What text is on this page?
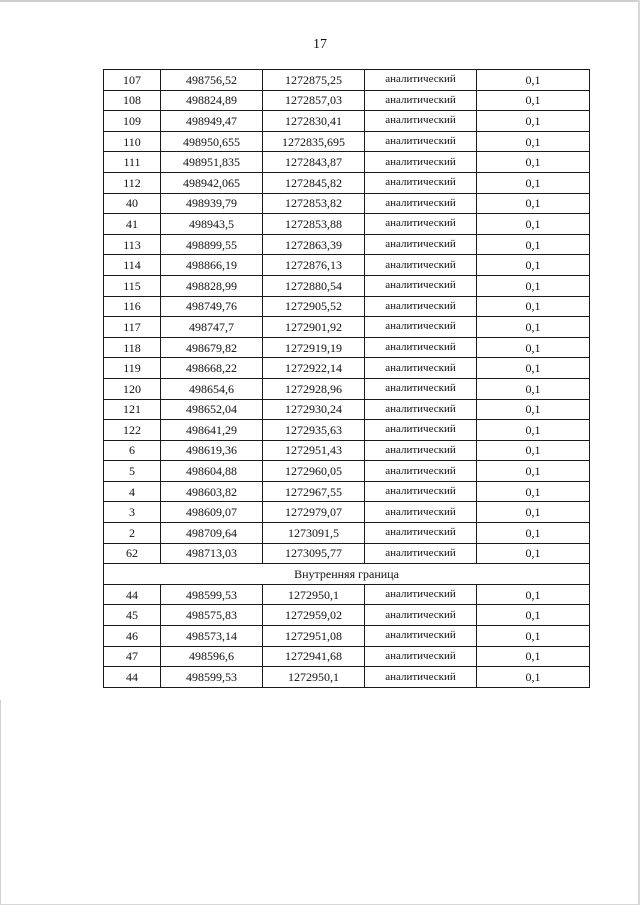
17
107	498756,52	1272875,25	аналитический	0,1
108	498824,89	1272857,03	аналитический	0,1
109	498949,47	1272830,41	аналитический	0,1
110	498950,655	1272835,695	аналитический	0,1
111	498951,835	1272843,87	аналитический	0,1
112	498942,065	1272845,82	аналитический	0,1
40	498939,79	1272853,82	аналитический	0,1
41	498943,5	1272853,88	аналитический	0,1
113	498899,55	1272863,39	аналитический	0,1
114	498866,19	1272876,13	аналитический	0,1
115	498828,99	1272880,54	аналитический	0,1
116	498749,76	1272905,52	аналитический	0,1
117	498747,7	1272901,92	аналитический	0,1
118	498679,82	1272919,19	аналитический	0,1
119	498668,22	1272922,14	аналитический	0,1
120	498654,6	1272928,96	аналитический	0,1
121	498652,04	1272930,24	аналитический	0,1
122	498641,29	1272935,63	аналитический	0,1
6	498619,36	1272951,43	аналитический	0,1
5	498604,88	1272960,05	аналитический	0,1
4	498603,82	1272967,55	аналитический	0,1
3	498609,07	1272979,07	аналитический	0,1
2	498709,64	1273091,5	аналитический	0,1
62	498713,03	1273095,77	аналитический	0,1
Внутренняя граница				
44	498599,53	1272950,1	аналитический	0,1
45	498575,83	1272959,02	аналитический	0,1
46	498573,14	1272951,08	аналитический	0,1
47	498596,6	1272941,68	аналитический	0,1
44	498599,53	1272950,1	аналитический	0,1
